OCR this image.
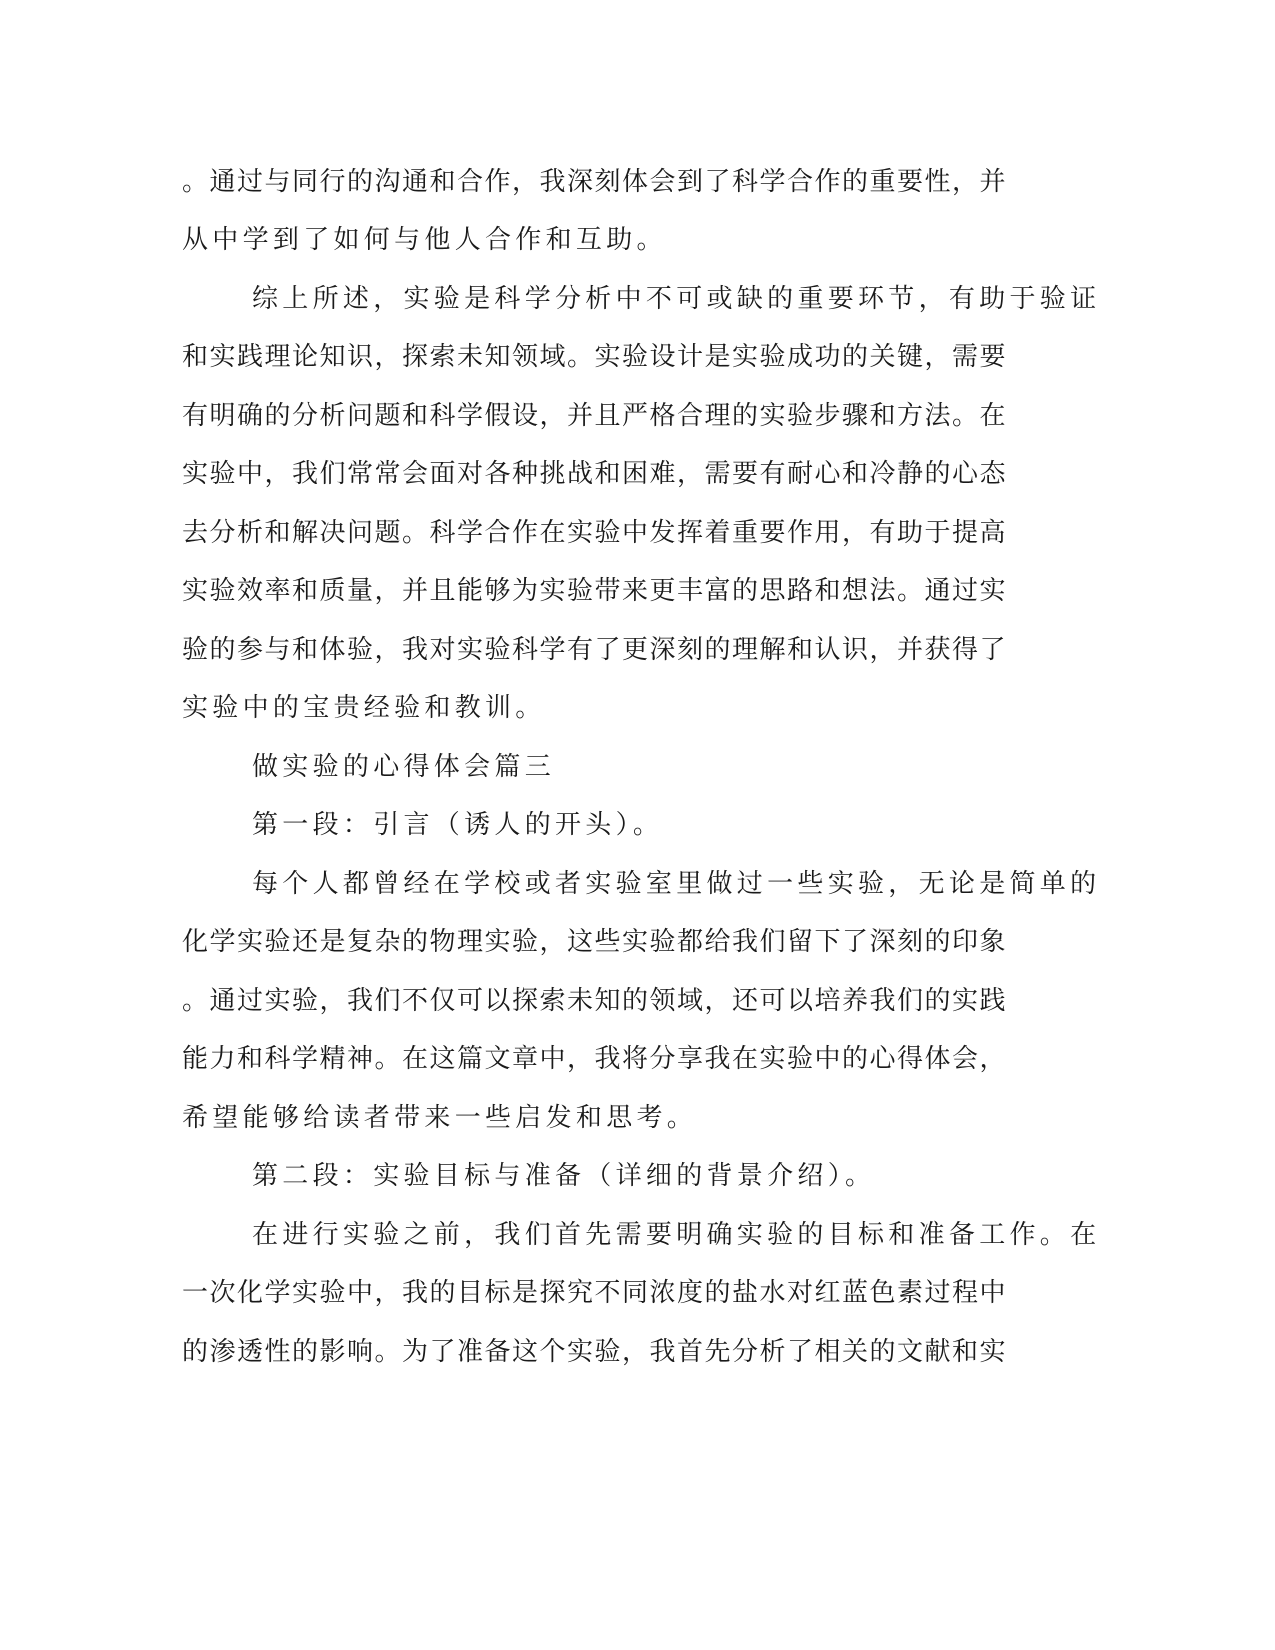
。通过与同行的沟通和合作，我深刻体会到了科学合作的重要性，并
从中学到了如何与他人合作和互助。
综上所述，实验是科学分析中不可或缺的重要环节，有助于验证
和实践理论知识，探索未知领域。实验设计是实验成功的关键，需要
有明确的分析问题和科学假设，并且严格合理的实验步骤和方法。在
实验中，我们常常会面对各种挑战和困难，需要有耐心和冷静的心态
去分析和解决问题。科学合作在实验中发挥着重要作用，有助于提高
实验效率和质量，并且能够为实验带来更丰富的思路和想法。通过实
验的参与和体验，我对实验科学有了更深刻的理解和认识，并获得了
实验中的宝贵经验和教训。
做实验的心得体会篇三
第一段：引言（诱人的开头）。
每个人都曾经在学校或者实验室里做过一些实验，无论是简单的
化学实验还是复杂的物理实验，这些实验都给我们留下了深刻的印象
。通过实验，我们不仅可以探索未知的领域，还可以培养我们的实践
能力和科学精神。在这篇文章中，我将分享我在实验中的心得体会，
希望能够给读者带来一些启发和思考。
第二段：实验目标与准备（详细的背景介绍）。
在进行实验之前，我们首先需要明确实验的目标和准备工作。在
一次化学实验中，我的目标是探究不同浓度的盐水对红蓝色素过程中
的渗透性的影响。为了准备这个实验，我首先分析了相关的文献和实
